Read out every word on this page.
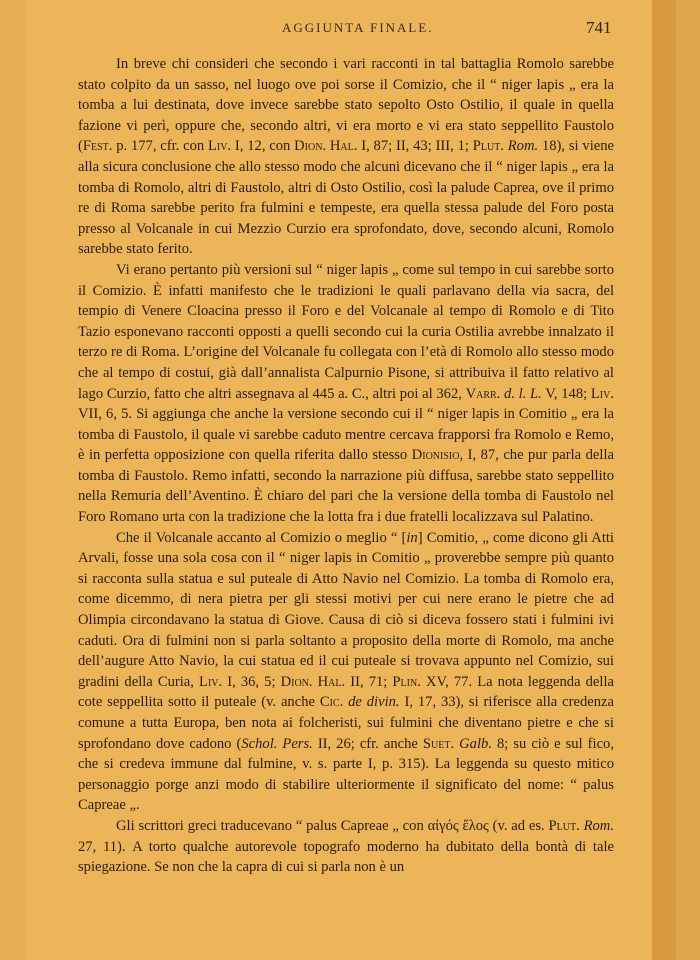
AGGIUNTA FINALE.	741

In breve chi consideri che secondo i vari racconti in tal battaglia Romolo sarebbe stato colpito da un sasso, nel luogo ove poi sorse il Comizio, che il “ niger lapis „ era la tomba a lui destinata, dove invece sarebbe stato sepolto Osto Ostilio, il quale in quella fazione vi perì, oppure che, secondo altri, vi era morto e vi era stato seppellito Faustolo (Fest. p. 177, cfr. con Liv. I, 12, con Dion. Hal. I, 87; II, 43; III, 1; Plut. Rom. 18), si viene alla sicura conclusione che allo stesso modo che alcuni dicevano che il “ niger lapis „ era la tomba di Romolo, altri di Faustolo, altri di Osto Ostilio, così la palude Caprea, ove il primo re di Roma sarebbe perito fra fulmini e tempeste, era quella stessa palude del Foro posta presso al Volcanale in cui Mezzio Curzio era sprofondato, dove, secondo alcuni, Romolo sarebbe stato ferito.

Vi erano pertanto più versioni sul “ niger lapis „ come sul tempo in cui sarebbe sorto il Comizio. È infatti manifesto che le tradizioni le quali parlavano della via sacra, del tempio di Venere Cloacina presso il Foro e del Volcanale al tempo di Romolo e di Tito Tazio esponevano racconti opposti a quelli secondo cui la curia Ostilia avrebbe innalzato il terzo re di Roma. L’origine del Volcanale fu collegata con l’età di Romolo allo stesso modo che al tempo di costui, già dall’annalista Calpurnio Pisone, si attribuiva il fatto relativo al lago Curzio, fatto che altri assegnava al 445 a. C., altri poi al 362, Varr. d. l. L. V, 148; Liv. VII, 6, 5. Si aggiunga che anche la versione secondo cui il “ niger lapis in Comitio „ era la tomba di Faustolo, il quale vi sarebbe caduto mentre cercava frapporsi fra Romolo e Remo, è in perfetta opposizione con quella riferita dallo stesso Dionisio, I, 87, che pur parla della tomba di Faustolo. Remo infatti, secondo la narrazione più diffusa, sarebbe stato seppellito nella Remuria dell’Aventino. È chiaro del pari che la versione della tomba di Faustolo nel Foro Romano urta con la tradizione che la lotta fra i due fratelli localizzava sul Palatino.

Che il Volcanale accanto al Comizio o meglio “ [in] Comitio, „ come dicono gli Atti Arvali, fosse una sola cosa con il “ niger lapis in Comitio „ proverebbe sempre più quanto si racconta sulla statua e sul puteale di Atto Navio nel Comizio. La tomba di Romolo era, come dicemmo, di nera pietra per gli stessi motivi per cui nere erano le pietre che ad Olimpia circondavano la statua di Giove. Causa di ciò si diceva fossero stati i fulmini ivi caduti. Ora di fulmini non si parla soltanto a proposito della morte di Romolo, ma anche dell’augure Atto Navio, la cui statua ed il cui puteale si trovava appunto nel Comizio, sui gradini della Curia, Liv. I, 36, 5; Dion. Hal. II, 71; Plin. XV, 77. La nota leggenda della cote seppellita sotto il puteale (v. anche Cic. de divin. I, 17, 33), si riferisce alla credenza comune a tutta Europa, ben nota ai folcheristi, sui fulmini che diventano pietre e che si sprofondano dove cadono (Schol. Pers. II, 26; cfr. anche Suet. Galb. 8; su ciò e sul fico, che si credeva immune dal fulmine, v. s. parte I, p. 315). La leggenda su questo mitico personaggio porge anzi modo di stabilire ulteriormente il significato del nome: “ palus Capreae „.

Gli scrittori greci traducevano “ palus Capreae „ con αἰγός ἕλος (v. ad es. Plut. Rom. 27, 11). A torto qualche autorevole topografo moderno ha dubitato della bontà di tale spiegazione. Se non che la capra di cui si parla non è un
